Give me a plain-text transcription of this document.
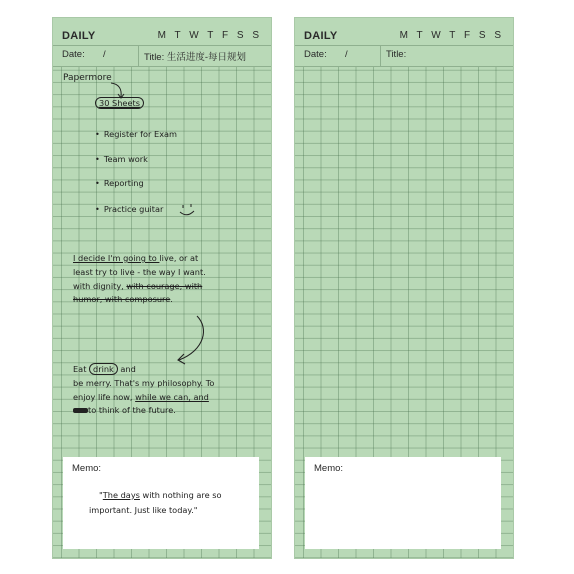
DAILY	M T W T F S S
Date: /	Title: 生活进度-每日规划
Papermore
30 Sheets
• Register for Exam
• Team work
• Reporting
• Practice guitar
I decide I'm going to live, or at
least try to live - the way I want.
with dignity, with courage, with
humor, with composure.
Eat drink and
be merry. That's my philosophy. To
enjoy life now, while we can, and
to think of the future.
Memo:
"The days with nothing are so
important. Just like today."
DAILY	M T W T F S S
Date: /	Title:
Memo:
